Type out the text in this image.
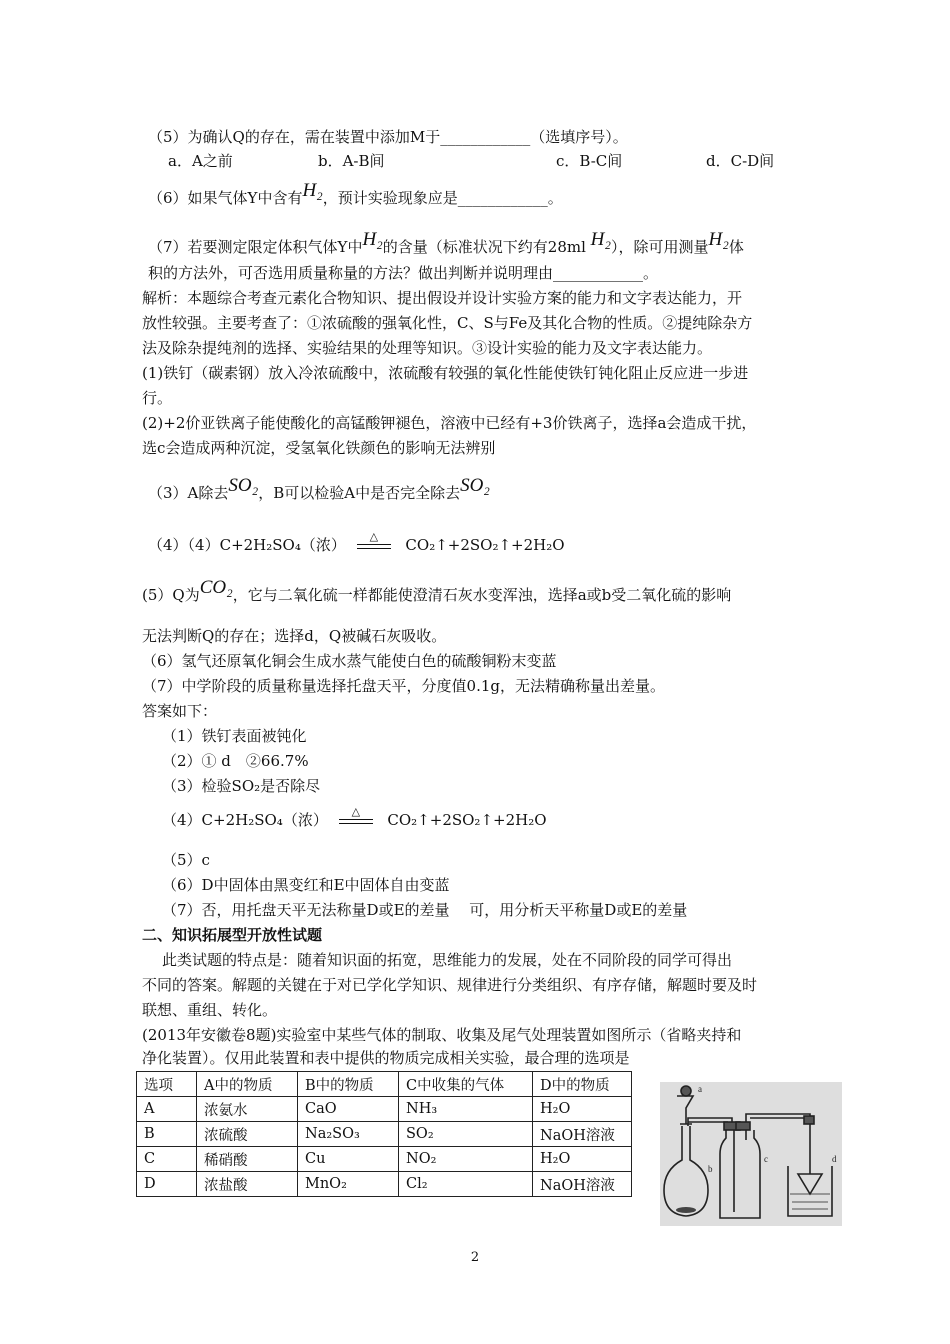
（5）为确认Q的存在，需在装置中添加M于____________（选填序号）。
a．A之前	b．A-B间	c．B-C间	d．C-D间
（6）如果气体Y中含有H₂，预计实验现象应是____________。
（7）若要测定限定体积气体Y中H₂的含量（标准状况下约有28ml H₂），除可用测量H₂体
积的方法外，可否选用质量称量的方法？做出判断并说明理由____________。
解析：本题综合考查元素化合物知识、提出假设并设计实验方案的能力和文字表达能力，开
放性较强。主要考查了：①浓硫酸的强氧化性，C、S与Fe及其化合物的性质。②提纯除杂方
法及除杂提纯剂的选择、实验结果的处理等知识。③设计实验的能力及文字表达能力。
(1)铁钉（碳素钢）放入冷浓硫酸中，浓硫酸有较强的氧化性能使铁钉钝化阻止反应进一步进
行。
(2)+2价亚铁离子能使酸化的高锰酸钾褪色，溶液中已经有+3价铁离子，选择a会造成干扰，
选c会造成两种沉淀，受氢氧化铁颜色的影响无法辨别
（3）A除去SO₂，B可以检验A中是否完全除去SO₂
（4）（4）C+2H₂SO₄（浓） △ CO₂↑+2SO₂↑+2H₂O
(5）Q为CO₂，它与二氧化硫一样都能使澄清石灰水变浑浊，选择a或b受二氧化硫的影响
无法判断Q的存在；选择d，Q被碱石灰吸收。
（6）氢气还原氧化铜会生成水蒸气能使白色的硫酸铜粉末变蓝
（7）中学阶段的质量称量选择托盘天平，分度值0.1g，无法精确称量出差量。
答案如下：
（1）铁钉表面被钝化
（2）① d　②66.7%
（3）检验SO₂是否除尽
（4）C+2H₂SO₄（浓） △ CO₂↑+2SO₂↑+2H₂O
（5）c
（6）D中固体由黑变红和E中固体自由变蓝
（7）否，用托盘天平无法称量D或E的差量　 可，用分析天平称量D或E的差量
二、知识拓展型开放性试题
此类试题的特点是：随着知识面的拓宽，思维能力的发展，处在不同阶段的同学可得出
不同的答案。解题的关键在于对已学化学知识、规律进行分类组织、有序存储，解题时要及时
联想、重组、转化。
(2013年安徽卷8题)实验室中某些气体的制取、收集及尾气处理装置如图所示（省略夹持和
净化装置）。仅用此装置和表中提供的物质完成相关实验，最合理的选项是
选项	A中的物质	B中的物质	C中收集的气体	D中的物质
A	浓氨水	CaO	NH₃	H₂O
B	浓硫酸	Na₂SO₃	SO₂	NaOH溶液
C	稀硝酸	Cu	NO₂	H₂O
D	浓盐酸	MnO₂	Cl₂	NaOH溶液
a
b
c	d
2
